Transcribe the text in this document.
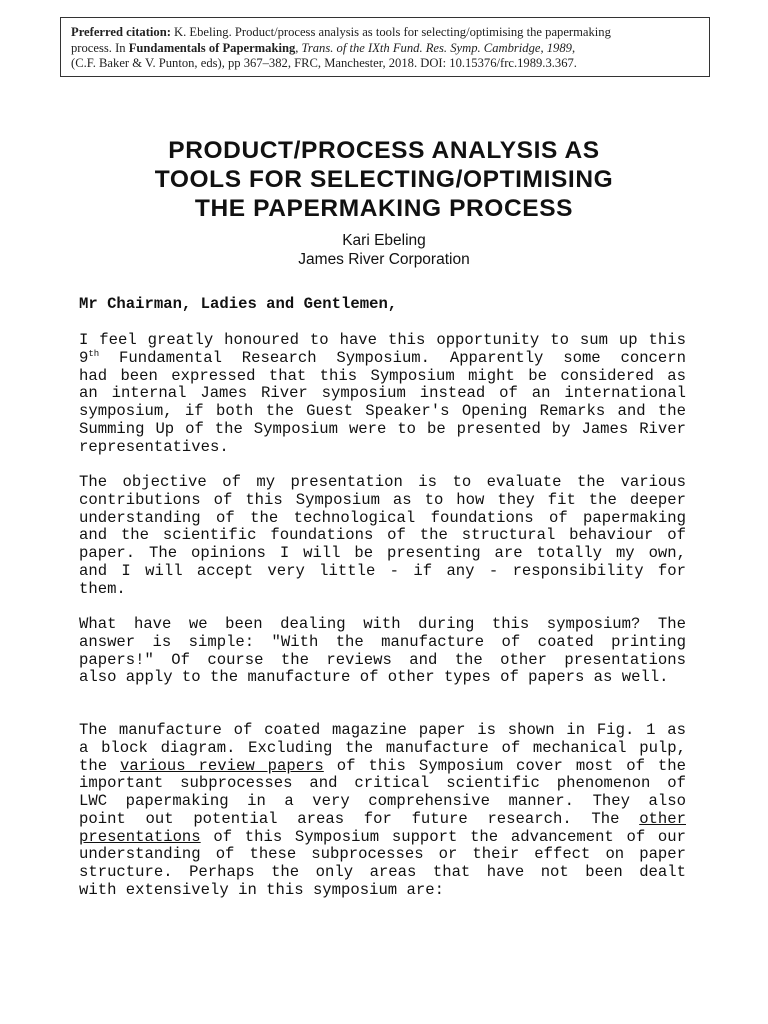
Preferred citation: K. Ebeling. Product/process analysis as tools for selecting/optimising the papermaking
process. In Fundamentals of Papermaking, Trans. of the IXth Fund. Res. Symp. Cambridge, 1989,
(C.F. Baker & V. Punton, eds), pp 367–382, FRC, Manchester, 2018. DOI: 10.15376/frc.1989.3.367.
PRODUCT/PROCESS ANALYSIS AS
TOOLS FOR SELECTING/OPTIMISING
THE PAPERMAKING PROCESS
Kari Ebeling
James River Corporation
Mr Chairman, Ladies and Gentlemen,
I feel greatly honoured to have this opportunity to sum up this
9th Fundamental Research Symposium. Apparently some concern
had been expressed that this Symposium might be considered as
an internal James River symposium instead of an international
symposium, if both the Guest Speaker's Opening Remarks and the
Summing Up of the Symposium were to be presented by James River
representatives.
The objective of my presentation is to evaluate the various
contributions of this Symposium as to how they fit the deeper
understanding of the technological foundations of papermaking
and the scientific foundations of the structural behaviour of
paper. The opinions I will be presenting are totally my own,
and I will accept very little - if any - responsibility for
them.
What have we been dealing with during this symposium? The
answer is simple: "With the manufacture of coated printing
papers!" Of course the reviews and the other presentations
also apply to the manufacture of other types of papers as well.
The manufacture of coated magazine paper is shown in Fig. 1 as
a block diagram. Excluding the manufacture of mechanical pulp,
the various review papers of this Symposium cover most of the
important subprocesses and critical scientific phenomenon of
LWC papermaking in a very comprehensive manner. They also
point out potential areas for future research. The other
presentations of this Symposium support the advancement of our
understanding of these subprocesses or their effect on paper
structure. Perhaps the only areas that have not been dealt
with extensively in this symposium are:
